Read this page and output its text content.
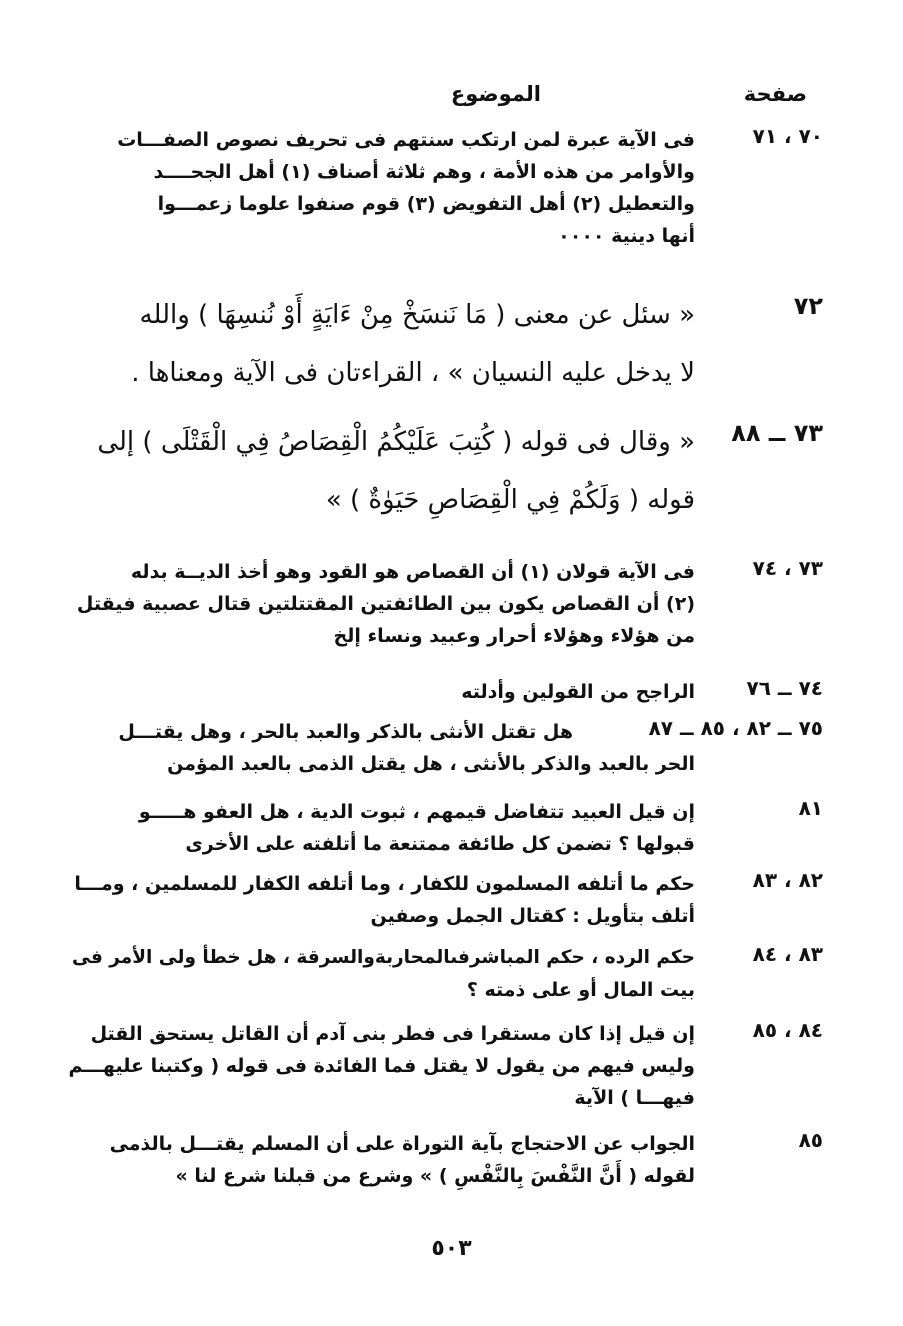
صفحة
الموضوع
٧٠ ، ٧١
فى الآية عبرة لمن ارتكب سنتهم فى تحريف نصوص الصفـــات
والأوامر من هذه الأمة ، وهم ثلاثة أصناف (١) أهل الجحــــد
والتعطيل (٢) أهل التفويض (٣) قوم صنفوا علوما زعمـــوا
أنها دينية ٠٠٠٠
٧٢
« سئل عن معنى ( مَا نَنسَخْ مِنْ ءَايَةٍ أَوْ نُنسِهَا ) والله
لا يدخل عليه النسيان » ، القراءتان فى الآية ومعناها .
٧٣ ــ ٨٨
« وقال فى قوله ( كُتِبَ عَلَيْكُمُ الْقِصَاصُ فِي الْقَتْلَى ) إلى
قوله ( وَلَكُمْ فِي الْقِصَاصِ حَيَوٰةٌ ) »
٧٣ ، ٧٤
فى الآية قولان (١) أن القصاص هو القود وهو أخذ الديــة بدله
(٢) أن القصاص يكون بين الطائفتين المقتتلتين قتال عصبية فيقتل
من هؤلاء وهؤلاء أحرار وعبيد ونساء إلخ
٧٤ ــ ٧٦
الراجح من القولين وأدلته
٧٥ ــ ٨٢ ، ٨٥ ــ ٨٧
هل تقتل الأنثى بالذكر والعبد بالحر ، وهل يقتـــل
الحر بالعبد والذكر بالأنثى ، هل يقتل الذمى بالعبد المؤمن
٨١
إن قيل العبيد تتفاضل قيمهم ، ثبوت الدية ، هل العفو هـــــو
قبولها ؟ تضمن كل طائفة ممتنعة ما أتلفته على الأخرى
٨٢ ، ٨٣
حكم ما أتلفه المسلمون للكفار ، وما أتلفه الكفار للمسلمين ، ومـــا
أتلف بتأويل : كقتال الجمل وصفين
٨٣ ، ٨٤
حكم الرده ، حكم المباشرفىالمحاربةوالسرقة ، هل خطأ ولى الأمر فى
بيت المال أو على ذمته ؟
٨٤ ، ٨٥
إن قيل إذا كان مستقرا فى فطر بنى آدم أن القاتل يستحق القتل
وليس فيهم من يقول لا يقتل فما الفائدة فى قوله ( وكتبنا عليهـــم
فيهـــا ) الآية
٨٥
الجواب عن الاحتجاج بآية التوراة على أن المسلم يقتـــل بالذمى
لقوله ( أَنَّ النَّفْسَ بِالنَّفْسِ ) » وشرع من قبلنا شرع لنا »
٥٠٣
